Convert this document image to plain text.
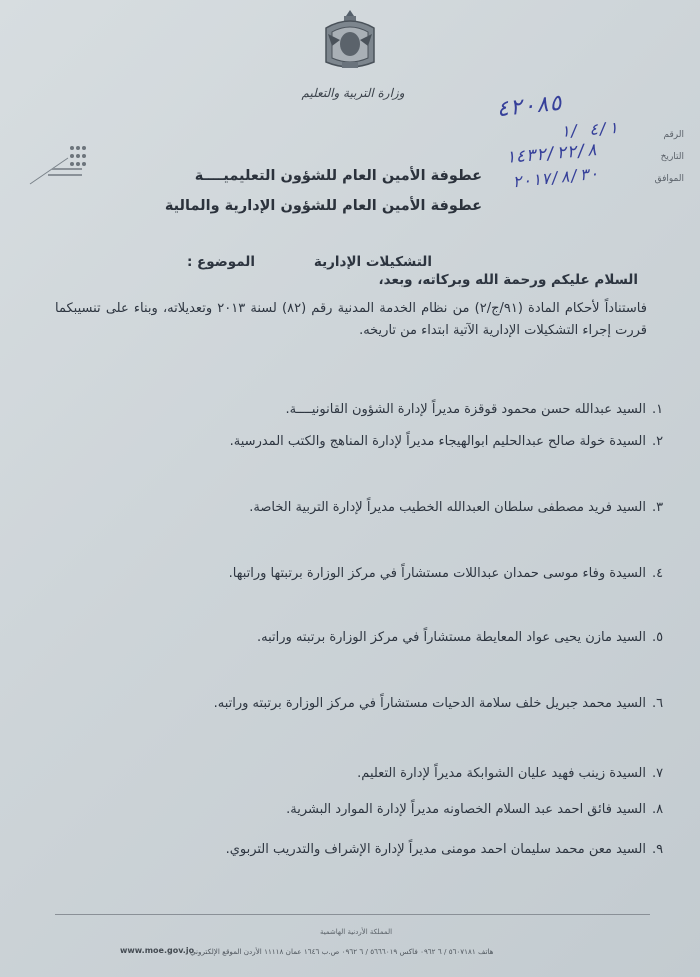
وزارة التربية والتعليم
الرقم
التاريخ
الموافق
٤٢٠٨٥
٤/١ /١
١٤٣٢/٢٢/٨
٢٠١٧/٨/٣٠
عطوفة الأمين العام للشؤون التعليميــــة
عطوفة الأمين العام للشؤون الإدارية والمالية
الموضوع :	التشكيلات الإدارية
السلام عليكم ورحمة الله وبركاته، وبعد،
فاستناداً لأحكام المادة (٩١/ج/٢) من نظام الخدمة المدنية رقم (٨٢) لسنة ٢٠١٣ وتعديلاته، وبناء على تنسيبكما قررت إجراء التشكيلات الإدارية الآتية ابتداء من تاريخه.
١.
السيد عبدالله حسن محمود قوقزة مديراً لإدارة الشؤون القانونيــــة.
٢.
السيدة خولة صالح عبدالحليم ابوالهيجاء مديراً لإدارة المناهج والكتب المدرسية.
٣.
السيد فريد مصطفى سلطان العبدالله الخطيب مديراً لإدارة التربية الخاصة.
٤.
السيدة وفاء موسى حمدان عبداللات مستشاراً في مركز الوزارة برتبتها وراتبها.
٥.
السيد مازن يحيى عواد المعايطة مستشاراً في مركز الوزارة برتبته وراتبه.
٦.
السيد محمد جبريل خلف سلامة الدحيات مستشاراً في مركز الوزارة برتبته وراتبه.
٧.
السيدة زينب فهيد عليان الشوابكة مديراً لإدارة التعليم.
٨.
السيد فائق احمد عبد السلام الخصاونه مديراً لإدارة الموارد البشرية.
٩.
السيد معن محمد سليمان احمد مومنى مديراً لإدارة الإشراف والتدريب التربوي.
المملكة الأردنية الهاشمية
هاتف ٥٦٠٧١٨١ / ٦ ٠٩٦٢ فاكس ٥٦٦٦٠١٩ / ٦ ٠٩٦٢ ص.ب ١٦٤٦ عمان ١١١١٨ الأردن الموقع الإلكتروني
www.moe.gov.jo
